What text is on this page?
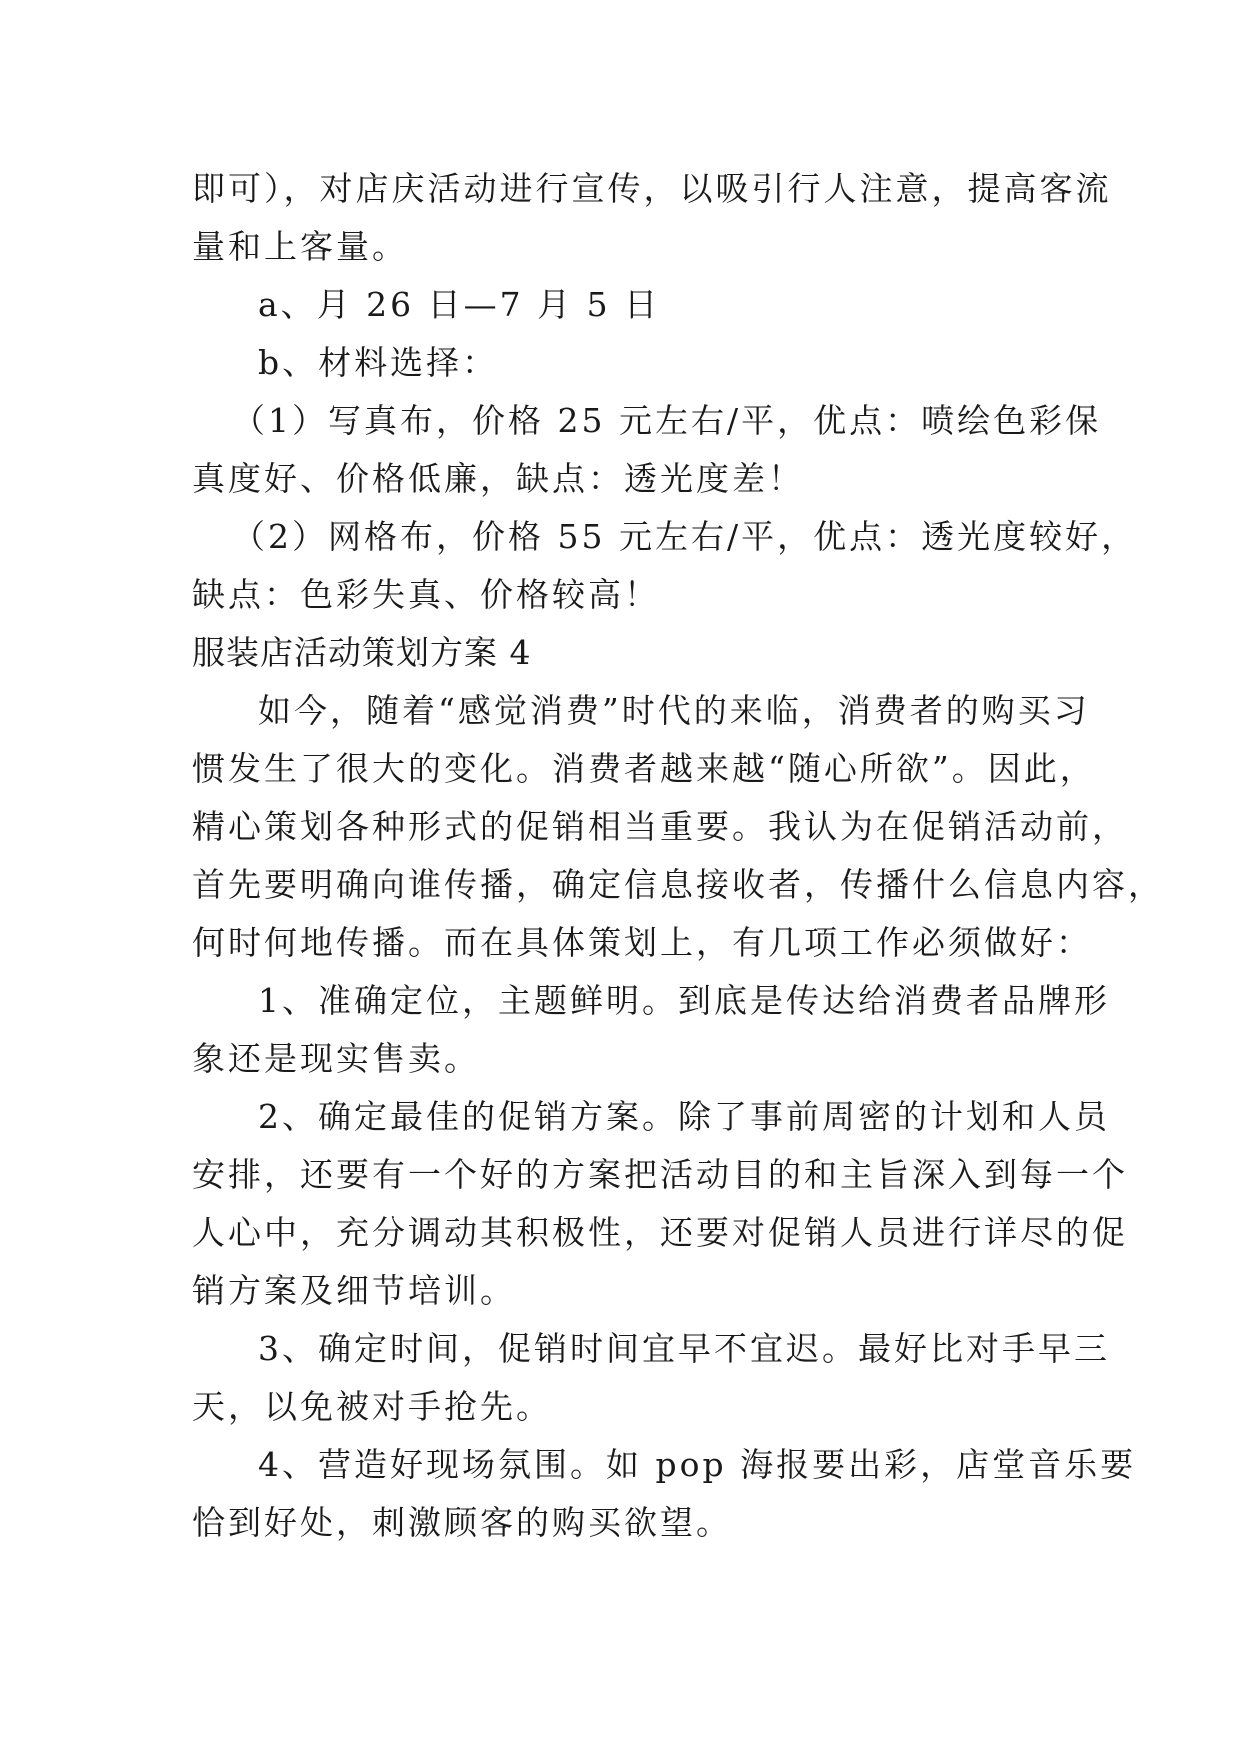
即可），对店庆活动进行宣传，以吸引行人注意，提高客流
量和上客量。
a、月 26 日—7 月 5 日
b、材料选择：
（1）写真布，价格 25 元左右/平，优点：喷绘色彩保
真度好、价格低廉，缺点：透光度差！
（2）网格布，价格 55 元左右/平，优点：透光度较好，
缺点：色彩失真、价格较高！
服装店活动策划方案 4
如今，随着“感觉消费”时代的来临，消费者的购买习
惯发生了很大的变化。消费者越来越“随心所欲”。因此，
精心策划各种形式的促销相当重要。我认为在促销活动前，
首先要明确向谁传播，确定信息接收者，传播什么信息内容，
何时何地传播。而在具体策划上，有几项工作必须做好：
1、准确定位，主题鲜明。到底是传达给消费者品牌形
象还是现实售卖。
2、确定最佳的促销方案。除了事前周密的计划和人员
安排，还要有一个好的方案把活动目的和主旨深入到每一个
人心中，充分调动其积极性，还要对促销人员进行详尽的促
销方案及细节培训。
3、确定时间，促销时间宜早不宜迟。最好比对手早三
天，以免被对手抢先。
4、营造好现场氛围。如 pop 海报要出彩，店堂音乐要
恰到好处，刺激顾客的购买欲望。
